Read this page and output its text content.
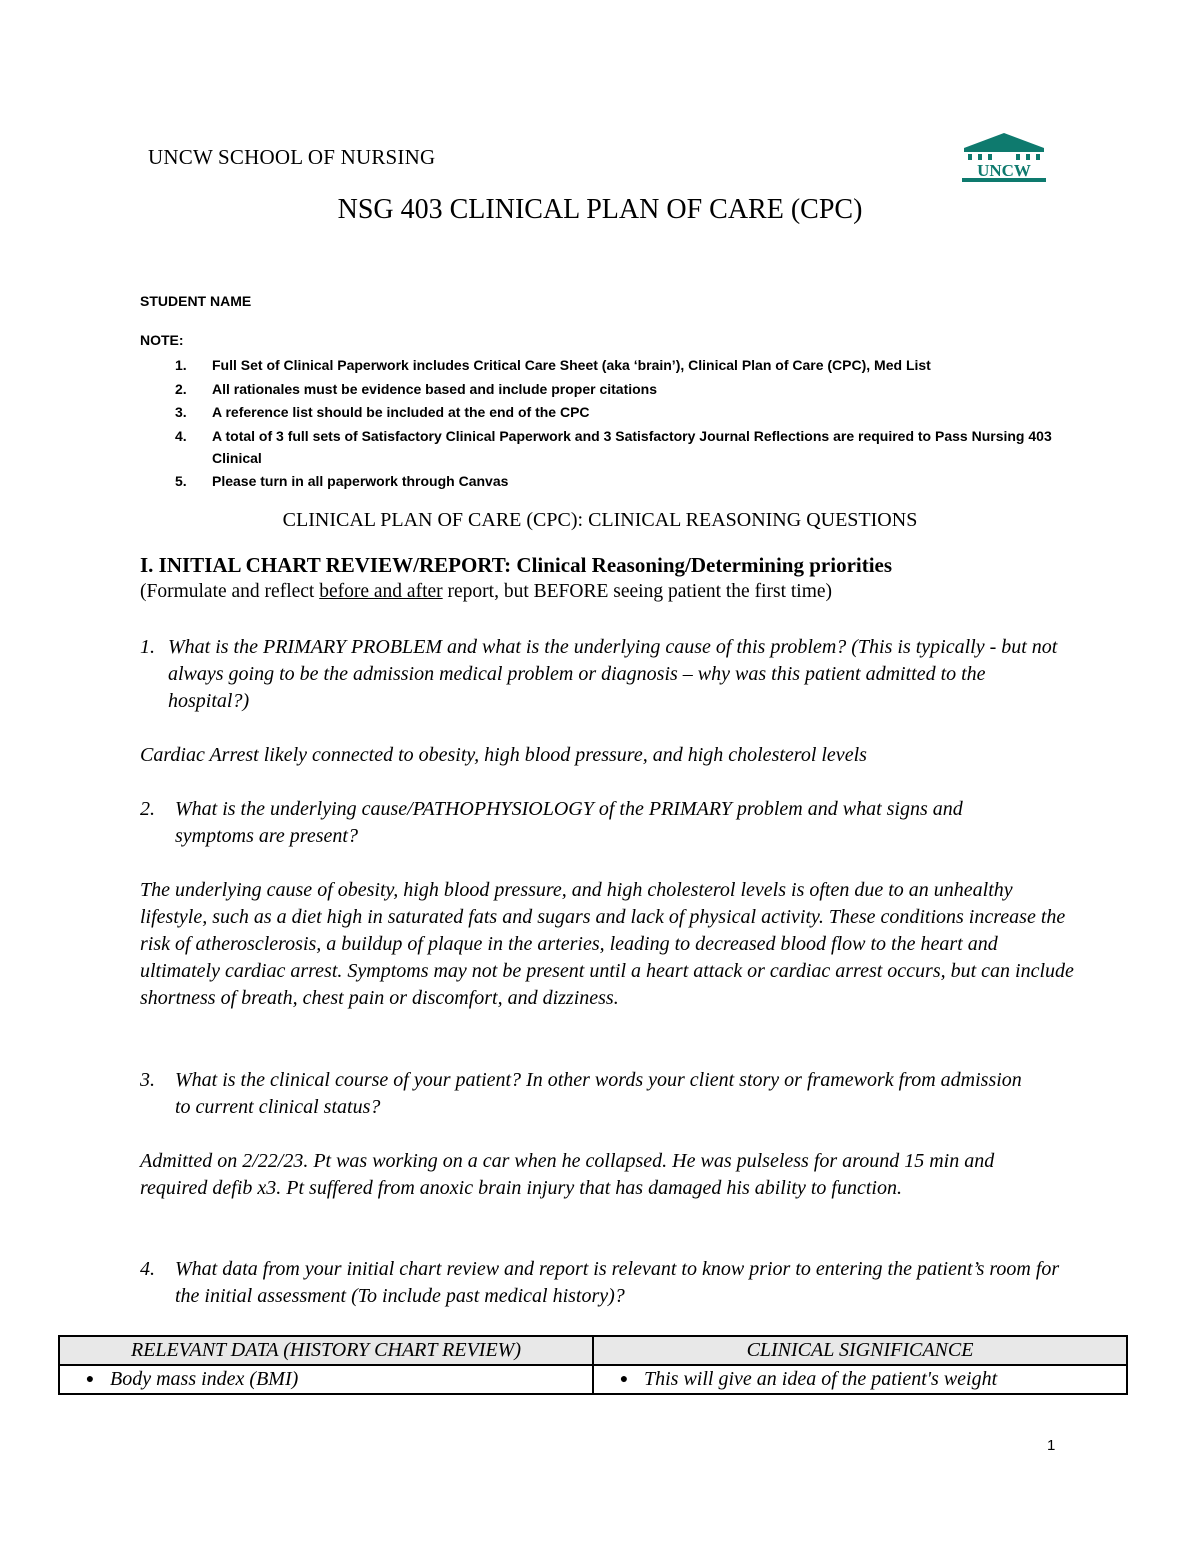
UNCW SCHOOL OF NURSING
UNCW
NSG 403 CLINICAL PLAN OF CARE (CPC)
STUDENT NAME
NOTE:
1. Full Set of Clinical Paperwork includes Critical Care Sheet (aka ‘brain’), Clinical Plan of Care (CPC), Med List
2. All rationales must be evidence based and include proper citations
3. A reference list should be included at the end of the CPC
4. A total of 3 full sets of Satisfactory Clinical Paperwork and 3 Satisfactory Journal Reflections are required to Pass Nursing 403 Clinical
5. Please turn in all paperwork through Canvas
CLINICAL PLAN OF CARE (CPC): CLINICAL REASONING QUESTIONS
I. INITIAL CHART REVIEW/REPORT: Clinical Reasoning/Determining priorities
(Formulate and reflect before and after report, but BEFORE seeing patient the first time)
1. What is the PRIMARY PROBLEM and what is the underlying cause of this problem? (This is typically - but not always going to be the admission medical problem or diagnosis – why was this patient admitted to the hospital?)
Cardiac Arrest likely connected to obesity, high blood pressure, and high cholesterol levels
2.	What is the underlying cause/PATHOPHYSIOLOGY of the PRIMARY problem and what signs and symptoms are present?
The underlying cause of obesity, high blood pressure, and high cholesterol levels is often due to an unhealthy lifestyle, such as a diet high in saturated fats and sugars and lack of physical activity. These conditions increase the risk of atherosclerosis, a buildup of plaque in the arteries, leading to decreased blood flow to the heart and ultimately cardiac arrest. Symptoms may not be present until a heart attack or cardiac arrest occurs, but can include shortness of breath, chest pain or discomfort, and dizziness.
3.	What is the clinical course of your patient? In other words your client story or framework from admission to current clinical status?
Admitted on 2/22/23. Pt was working on a car when he collapsed. He was pulseless for around 15 min and required defib x3. Pt suffered from anoxic brain injury that has damaged his ability to function.
4.	What data from your initial chart review and report is relevant to know prior to entering the patient’s room for the initial assessment (To include past medical history)?
RELEVANT DATA (HISTORY CHART REVIEW)	CLINICAL SIGNIFICANCE
● Body mass index (BMI)	● This will give an idea of the patient's weight
1
